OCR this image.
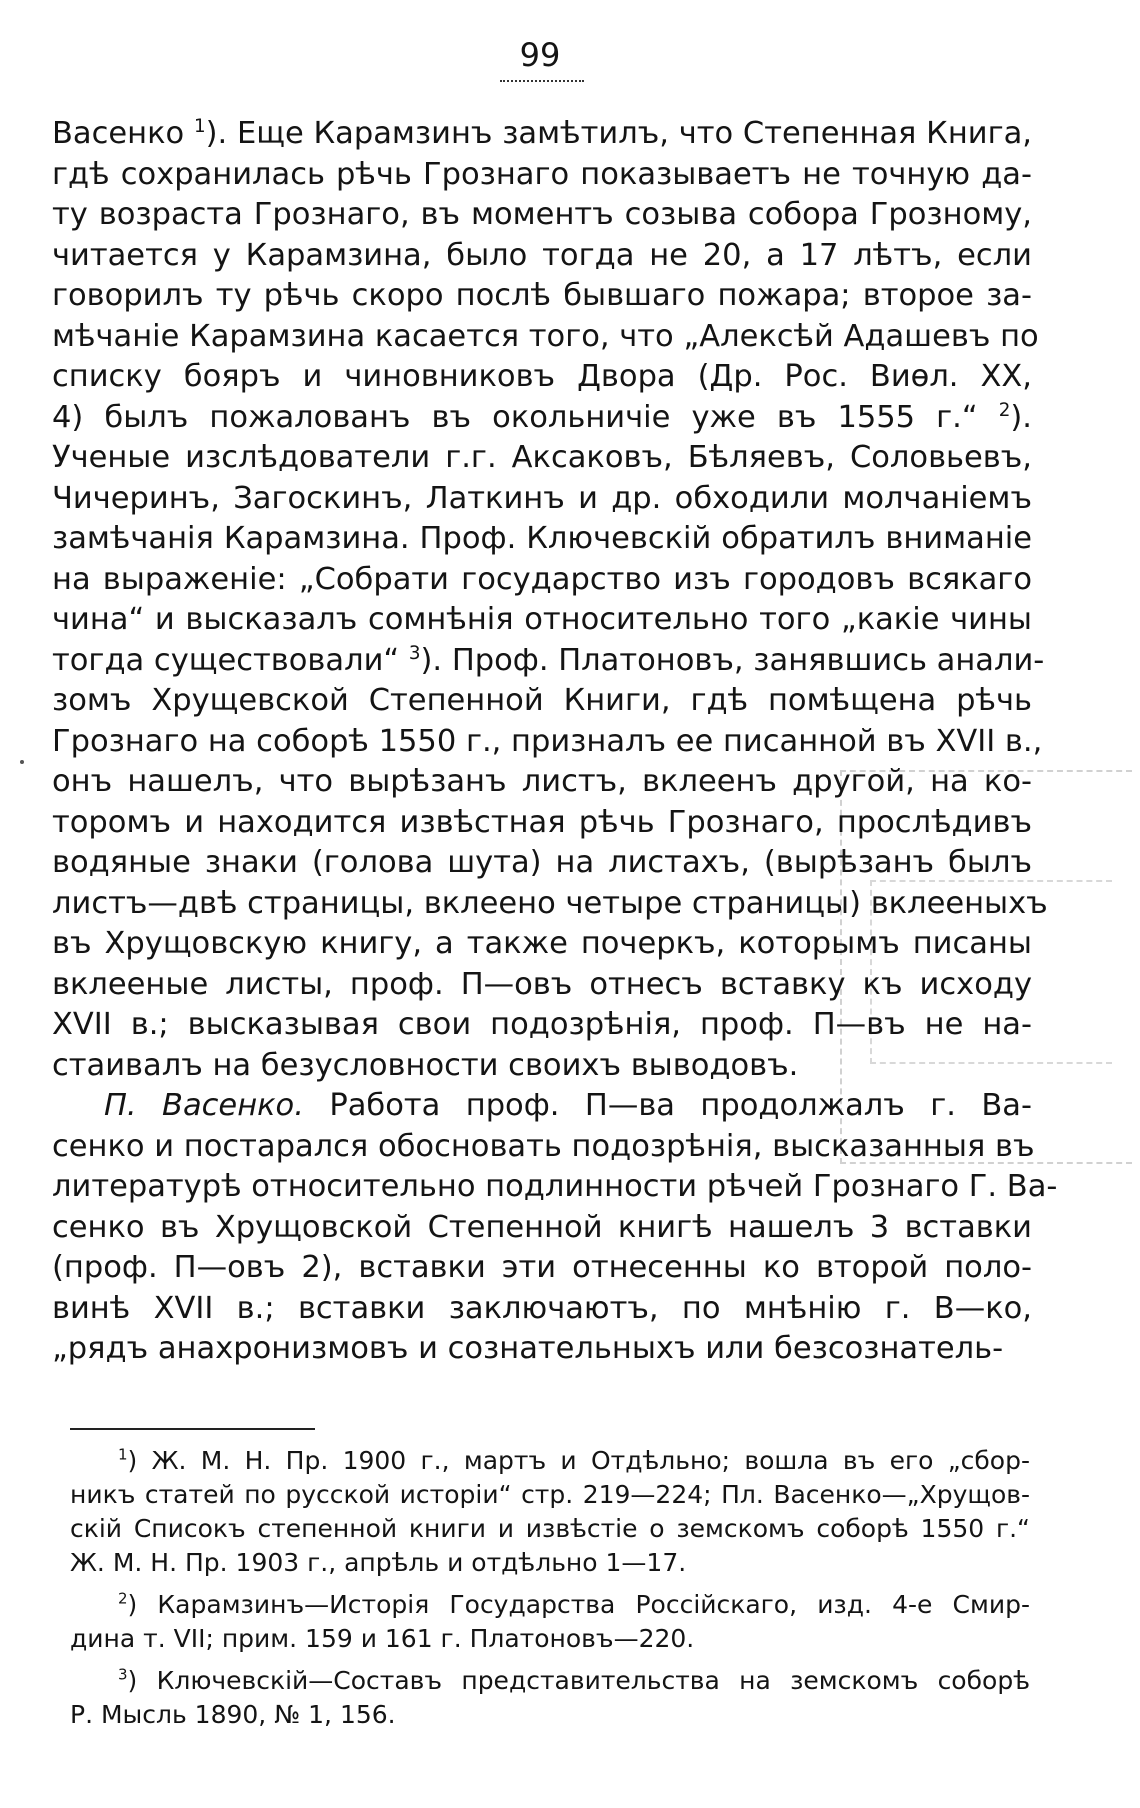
99
Васенко $^1$). Еще Карамзинъ замѣтилъ, что Степенная Книга,
гдѣ сохранилась рѣчь Грознаго показываетъ не точную да-
ту возраста Грознаго, въ моментъ созыва собора Грозному,
читается у Карамзина, было тогда не 20, а 17 лѣтъ, если
говорилъ ту рѣчь скоро послѣ бывшаго пожара; второе за-
мѣчаніе Карамзина касается того, что „Алексѣй Адашевъ по
списку бояръ и чиновниковъ Двора (Др. Рос. Виѳл. XX,
4) былъ пожалованъ въ окольничіе уже въ 1555 г.“ $^2$).
Ученые изслѣдователи г.г. Аксаковъ, Бѣляевъ, Соловьевъ,
Чичеринъ, Загоскинъ, Латкинъ и др. обходили молчаніемъ
замѣчанія Карамзина. Проф. Ключевскій обратилъ вниманіе
на выраженіе: „Собрати государство изъ городовъ всякаго
чина“ и высказалъ сомнѣнія относительно того „какіе чины
тогда существовали“ $^3$). Проф. Платоновъ, занявшись анали-
зомъ Хрущевской Степенной Книги, гдѣ помѣщена рѣчь
Грознаго на соборѣ 1550 г., призналъ ее писанной въ XVII в.,
онъ нашелъ, что вырѣзанъ листъ, вклеенъ другой, на ко-
торомъ и находится извѣстная рѣчь Грознаго, прослѣдивъ
водяные знаки (голова шута) на листахъ, (вырѣзанъ былъ
листъ—двѣ страницы, вклеено четыре страницы) вклееныхъ
въ Хрущовскую книгу, а также почеркъ, которымъ писаны
вклееные листы, проф. П—овъ отнесъ вставку къ исходу
XVII в.; высказывая свои подозрѣнія, проф. П—въ не на-
стаивалъ на безусловности своихъ выводовъ.
П. Васенко. Работа проф. П—ва продолжалъ г. Ва-
сенко и постарался обосновать подозрѣнія, высказанныя въ
литературѣ относительно подлинности рѣчей Грознаго Г. Ва-
сенко въ Хрущовской Степенной книгѣ нашелъ 3 вставки
(проф. П—овъ 2), вставки эти отнесенны ко второй поло-
винѣ XVII в.; вставки заключаютъ, по мнѣнію г. В—ко,
„рядъ анахронизмовъ и сознательныхъ или безсознатель-
$^1$) Ж. М. Н. Пр. 1900 г., мартъ и Отдѣльно; вошла въ его „сбор-
никъ статей по русской исторіи“ стр. 219—224; Пл. Васенко—„Хрущов-
скій Списокъ степенной книги и извѣстіе о земскомъ соборѣ 1550 г.“
Ж. М. Н. Пр. 1903 г., апрѣль и отдѣльно 1—17.
$^2$) Карамзинъ—Исторія Государства Россійскаго, изд. 4-е Смир-
дина т. VII; прим. 159 и 161 г. Платоновъ—220.
$^3$) Ключевскій—Составъ представительства на земскомъ соборѣ
Р. Мысль 1890, № 1, 156.
